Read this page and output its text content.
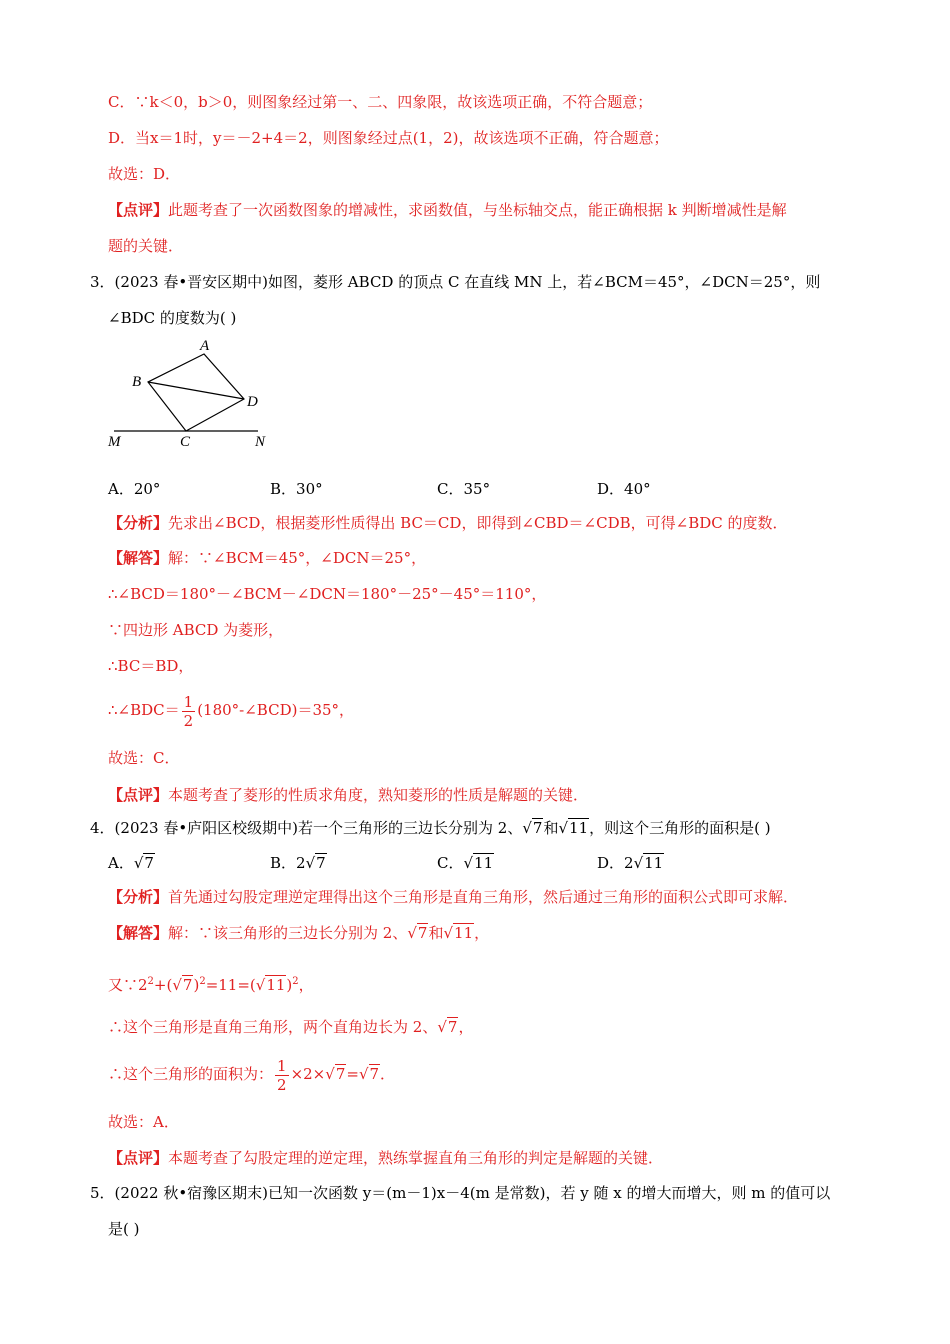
C．∵k＜0，b＞0，则图象经过第一、二、四象限，故该选项正确，不符合题意；
D．当x＝1时，y＝－2+4＝2，则图象经过点(1，2)，故该选项不正确，符合题意；
故选：D．
【点评】此题考查了一次函数图象的增减性，求函数值，与坐标轴交点，能正确根据 k 判断增减性是解
题的关键．
3．(2023 春•晋安区期中)如图，菱形 ABCD 的顶点 C 在直线 MN 上，若∠BCM＝45°，∠DCN＝25°，则
∠BDC 的度数为( )
A
B
C
D
M	N
A．20°	B．30°	C．35°	D．40°
【分析】先求出∠BCD，根据菱形性质得出 BC＝CD，即得到∠CBD＝∠CDB，可得∠BDC 的度数．
【解答】解：∵∠BCM＝45°，∠DCN＝25°，
∴∠BCD＝180°－∠BCM－∠DCN＝180°－25°－45°＝110°，
∵四边形 ABCD 为菱形，
∴BC＝BD，
∴∠BDC＝ $\frac{1}{2}$ (180°-∠BCD)＝35°，
故选：C．
【点评】本题考查了菱形的性质求角度，熟知菱形的性质是解题的关键．
4．(2023 春•庐阳区校级期中)若一个三角形的三边长分别为 2、√7和√11，则这个三角形的面积是( )
A．√7	B．2√7	C．√11	D．2√11
【分析】首先通过勾股定理逆定理得出这个三角形是直角三角形，然后通过三角形的面积公式即可求解．
【解答】解：∵该三角形的三边长分别为 2、√7和√11，
又$\because 2^2+(√7)^2=11=(√11)^2$，
∴这个三角形是直角三角形，两个直角边长为 2、√7，
∴这个三角形的面积为： $\frac{1}{2} \times 2\times√7=√7$．
故选：A．
【点评】本题考查了勾股定理的逆定理，熟练掌握直角三角形的判定是解题的关键．
5．(2022 秋•宿豫区期末)已知一次函数 y＝(m－1)x－4(m 是常数)，若 y 随 x 的增大而增大，则 m 的值可以
是( )
